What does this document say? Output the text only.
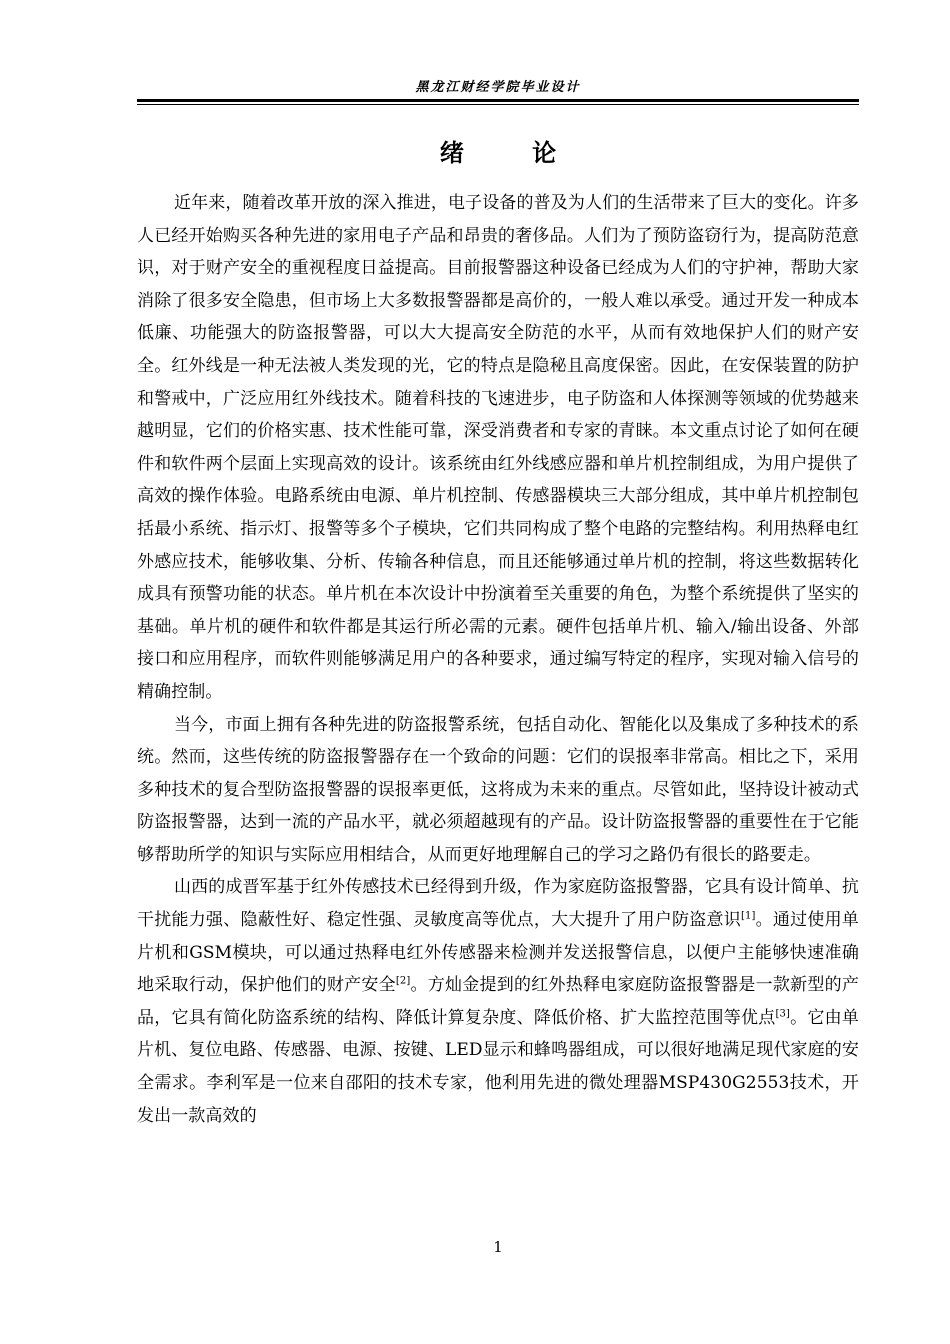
黑龙江财经学院毕业设计
绪 论

近年来，随着改革开放的深入推进，电子设备的普及为人们的生活带来了巨大的变化。许多人已经开始购买各种先进的家用电子产品和昂贵的奢侈品。人们为了预防盗窃行为，提高防范意识，对于财产安全的重视程度日益提高。目前报警器这种设备已经成为人们的守护神，帮助大家消除了很多安全隐患，但市场上大多数报警器都是高价的，一般人难以承受。通过开发一种成本低廉、功能强大的防盗报警器，可以大大提高安全防范的水平，从而有效地保护人们的财产安全。红外线是一种无法被人类发现的光，它的特点是隐秘且高度保密。因此，在安保装置的防护和警戒中，广泛应用红外线技术。随着科技的飞速进步，电子防盗和人体探测等领域的优势越来越明显，它们的价格实惠、技术性能可靠，深受消费者和专家的青睐。本文重点讨论了如何在硬件和软件两个层面上实现高效的设计。该系统由红外线感应器和单片机控制组成，为用户提供了高效的操作体验。电路系统由电源、单片机控制、传感器模块三大部分组成，其中单片机控制包括最小系统、指示灯、报警等多个子模块，它们共同构成了整个电路的完整结构。利用热释电红外感应技术，能够收集、分析、传输各种信息，而且还能够通过单片机的控制，将这些数据转化成具有预警功能的状态。单片机在本次设计中扮演着至关重要的角色，为整个系统提供了坚实的基础。单片机的硬件和软件都是其运行所必需的元素。硬件包括单片机、输入/输出设备、外部接口和应用程序，而软件则能够满足用户的各种要求，通过编写特定的程序，实现对输入信号的精确控制。

当今，市面上拥有各种先进的防盗报警系统，包括自动化、智能化以及集成了多种技术的系统。然而，这些传统的防盗报警器存在一个致命的问题：它们的误报率非常高。相比之下，采用多种技术的复合型防盗报警器的误报率更低，这将成为未来的重点。尽管如此，坚持设计被动式防盗报警器，达到一流的产品水平，就必须超越现有的产品。设计防盗报警器的重要性在于它能够帮助所学的知识与实际应用相结合，从而更好地理解自己的学习之路仍有很长的路要走。

山西的成晋军基于红外传感技术已经得到升级，作为家庭防盗报警器，它具有设计简单、抗干扰能力强、隐蔽性好、稳定性强、灵敏度高等优点，大大提升了用户防盗意识[1]。通过使用单片机和GSM模块，可以通过热释电红外传感器来检测并发送报警信息，以便户主能够快速准确地采取行动，保护他们的财产安全[2]。方灿金提到的红外热释电家庭防盗报警器是一款新型的产品，它具有简化防盗系统的结构、降低计算复杂度、降低价格、扩大监控范围等优点[3]。它由单片机、复位电路、传感器、电源、按键、LED显示和蜂鸣器组成，可以很好地满足现代家庭的安全需求。李利军是一位来自邵阳的技术专家，他利用先进的微处理器MSP430G2553技术，开发出一款高效的

1
